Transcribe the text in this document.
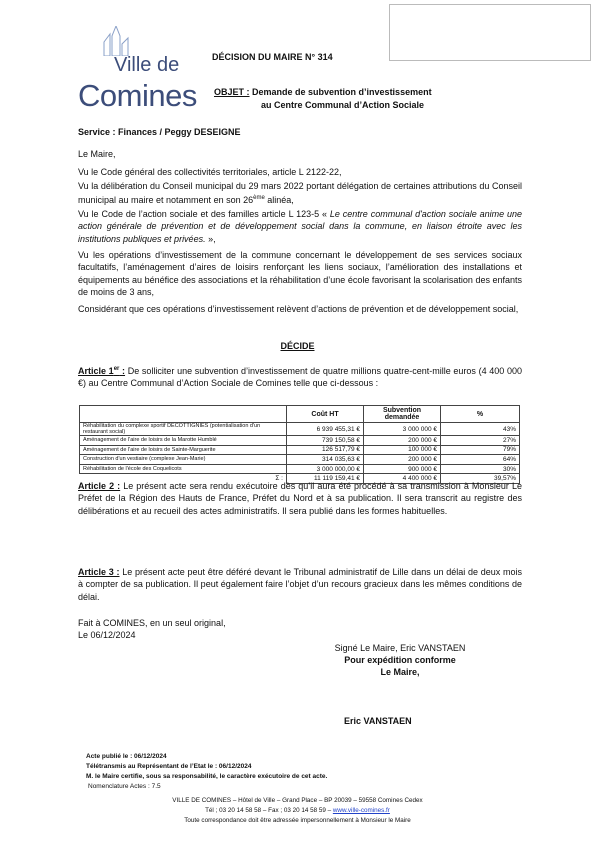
Ville de
Comines
DÉCISION DU MAIRE N° 314
OBJET : Demande de subvention d’investissement
au Centre Communal d’Action Sociale
Service : Finances / Peggy DESEIGNE
Le Maire,
Vu le Code général des collectivités territoriales, article L 2122-22,
Vu la délibération du Conseil municipal du 29 mars 2022 portant délégation de certaines attributions du Conseil municipal au maire et notamment en son 26ème alinéa,
Vu le Code de l’action sociale et des familles article L 123-5 « Le centre communal d'action sociale anime une action générale de prévention et de développement social dans la commune, en liaison étroite avec les institutions publiques et privées. »,
Vu les opérations d’investissement de la commune concernant le développement de ses services sociaux facultatifs, l’aménagement d’aires de loisirs renforçant les liens sociaux, l’amélioration des installations et équipements au bénéfice des associations et la réhabilitation d’une école favorisant la scolarisation des enfants de moins de 3 ans,
Considérant que ces opérations d’investissement relèvent d’actions de prévention et de développement social,
DÉCIDE
Article 1er : De solliciter une subvention d’investissement de quatre millions quatre-cent-mille euros (4 400 000 €) au Centre Communal d’Action Sociale de Comines telle que ci-dessous :
	Coût HT	Subvention demandée	%
Réhabilitation du complexe sportif DECOTTIGNIES (potentialisation d'un restaurant social)	6 939 455,31 €	3 000 000 €	43%
Aménagement de l'aire de loisirs de la Marotte Humblé	739 150,58 €	200 000 €	27%
Aménagement de l'aire de loisirs de Sainte-Marguerite	126 517,79 €	100 000 €	79%
Construction d'un vestiaire (complexe Jean-Marie)	314 035,63 €	200 000 €	64%
Réhabilitation de l'école des Coquelicots	3 000 000,00 €	900 000 €	30%
Σ :	11 119 159,41 €	4 400 000 €	39,57%
Article 2 : Le présent acte sera rendu exécutoire dès qu’il aura été procédé à sa transmission à Monsieur Le Préfet de la Région des Hauts de France, Préfet du Nord et à sa publication. Il sera transcrit au registre des délibérations et au recueil des actes administratifs. Il sera publié dans les formes habituelles.
Article 3 : Le présent acte peut être déféré devant le Tribunal administratif de Lille dans un délai de deux mois à compter de sa publication. Il peut également faire l’objet d’un recours gracieux dans les mêmes conditions de délai.
Fait à COMINES, en un seul original,
Le 06/12/2024
Signé Le Maire, Eric VANSTAEN
Pour expédition conforme
Le Maire,
Eric VANSTAEN
Acte publié le : 06/12/2024
Télétransmis au Représentant de l’Etat le : 06/12/2024
M. le Maire certifie, sous sa responsabilité, le caractère exécutoire de cet acte.
Nomenclature Actes : 7.5
VILLE DE COMINES – Hôtel de Ville – Grand Place – BP 20039 – 59558 Comines Cedex
Tél ; 03 20 14 58 58 – Fax ; 03 20 14 58 59 – www.ville-comines.fr
Toute correspondance doit être adressée impersonnellement à Monsieur le Maire
